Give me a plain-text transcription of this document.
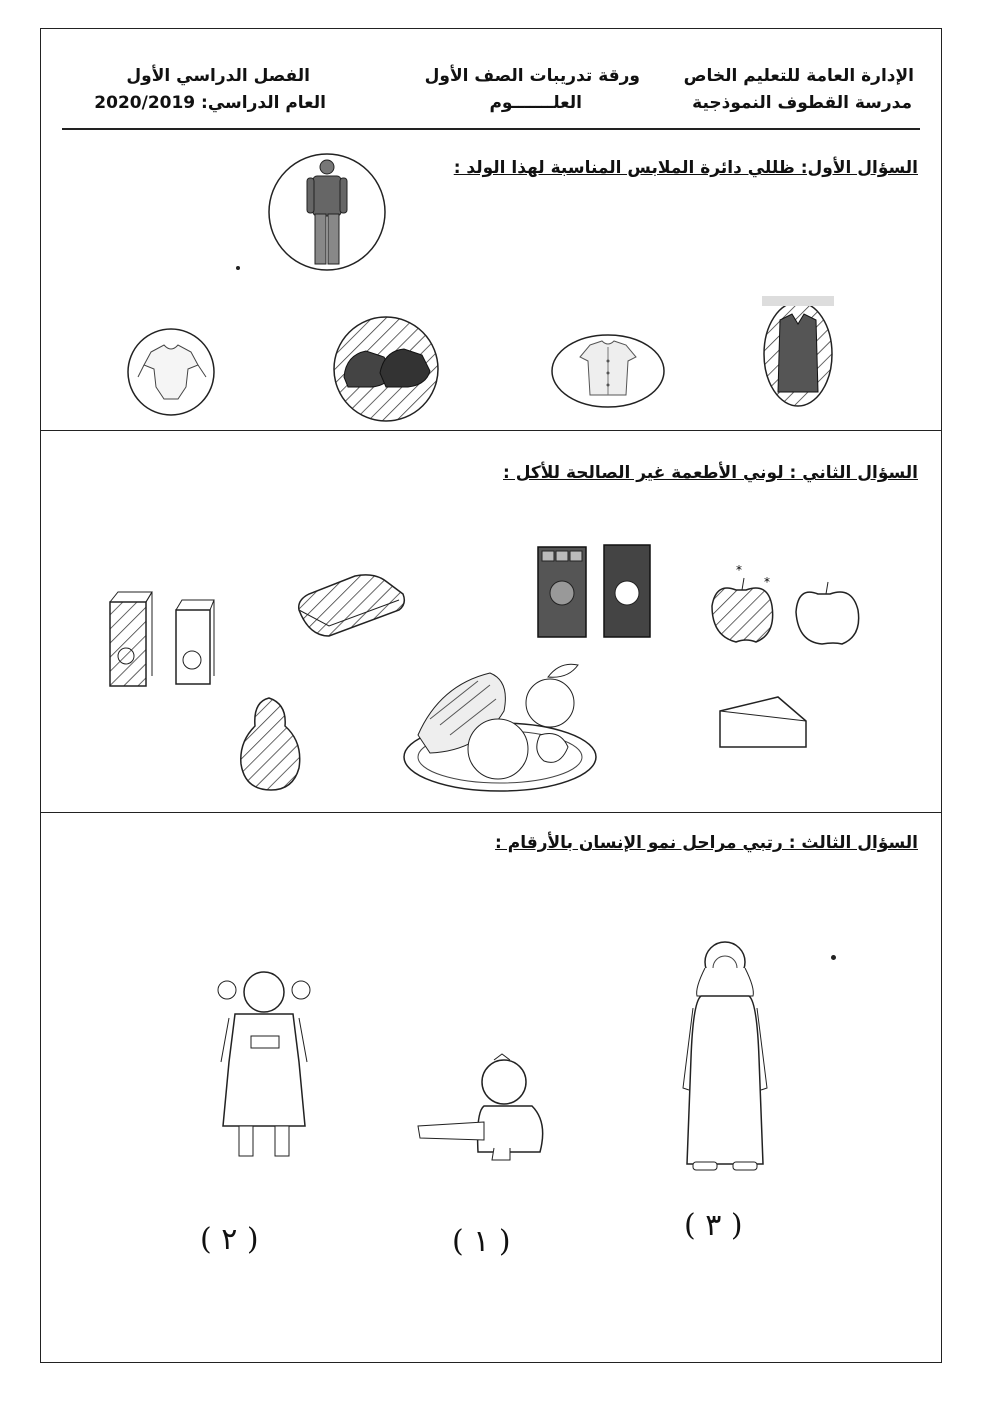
الإدارة العامة للتعليم الخاص
مدرسة القطوف النموذجية
ورقة تدريبات الصف الأول
العلـــــــوم
الفصل الدراسي الأول
العام الدراسي: 2020/2019
السؤال الأول: ظللي دائرة الملابس المناسبة لهذا الولد :
السؤال الثاني : لوني الأطعمة غير الصالحة للأكل :
*
*
السؤال الثالث : رتبي مراحل نمو الإنسان بالأرقام :
( ٣ )
( ١ )
( ٢ )
